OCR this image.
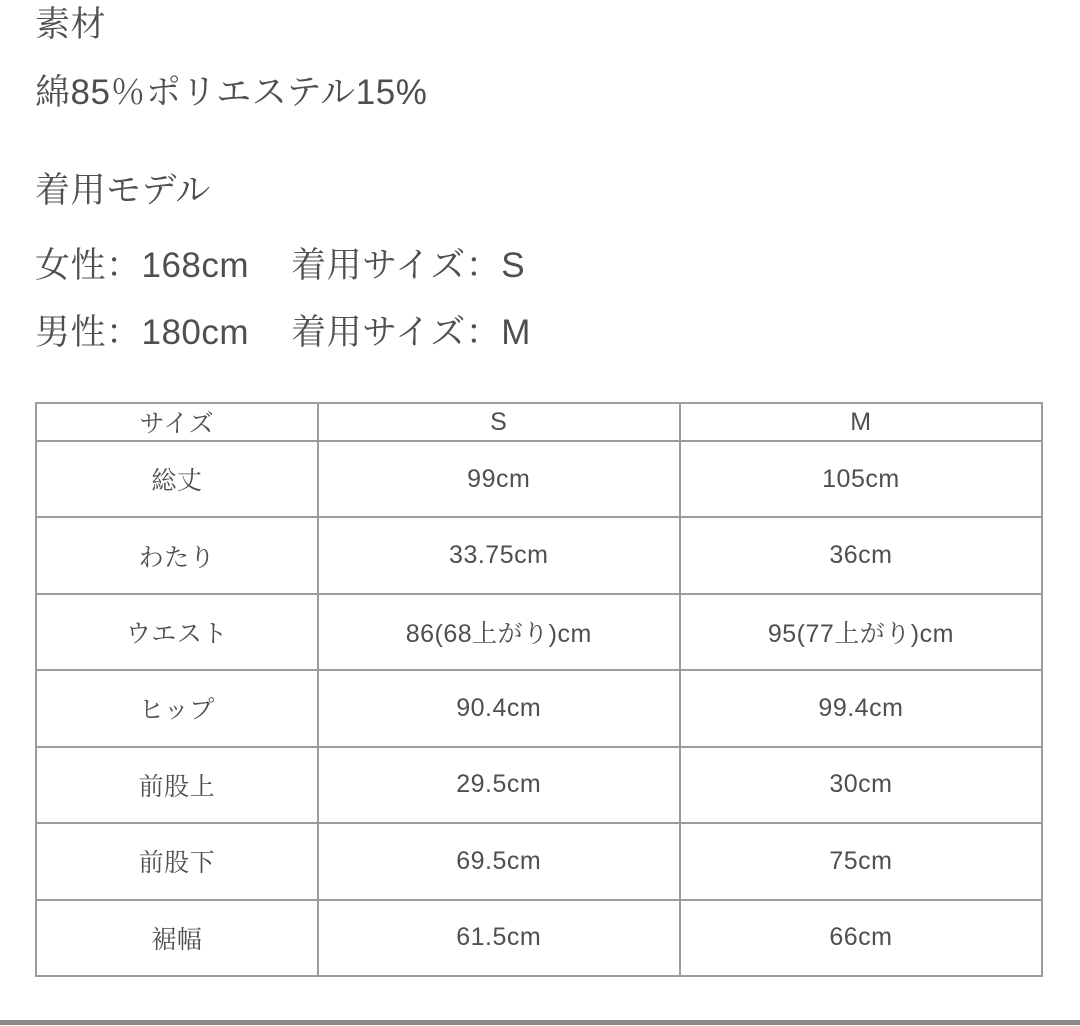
素材
綿85％ポリエステル15%
着用モデル
女性：168cm 着用サイズ：S
男性：180cm 着用サイズ：M
サイズ	S	M
総丈	99cm	105cm
わたり	33.75cm	36cm
ウエスト	86(68上がり)cm	95(77上がり)cm
ヒップ	90.4cm	99.4cm
前股上	29.5cm	30cm
前股下	69.5cm	75cm
裾幅	61.5cm	66cm
